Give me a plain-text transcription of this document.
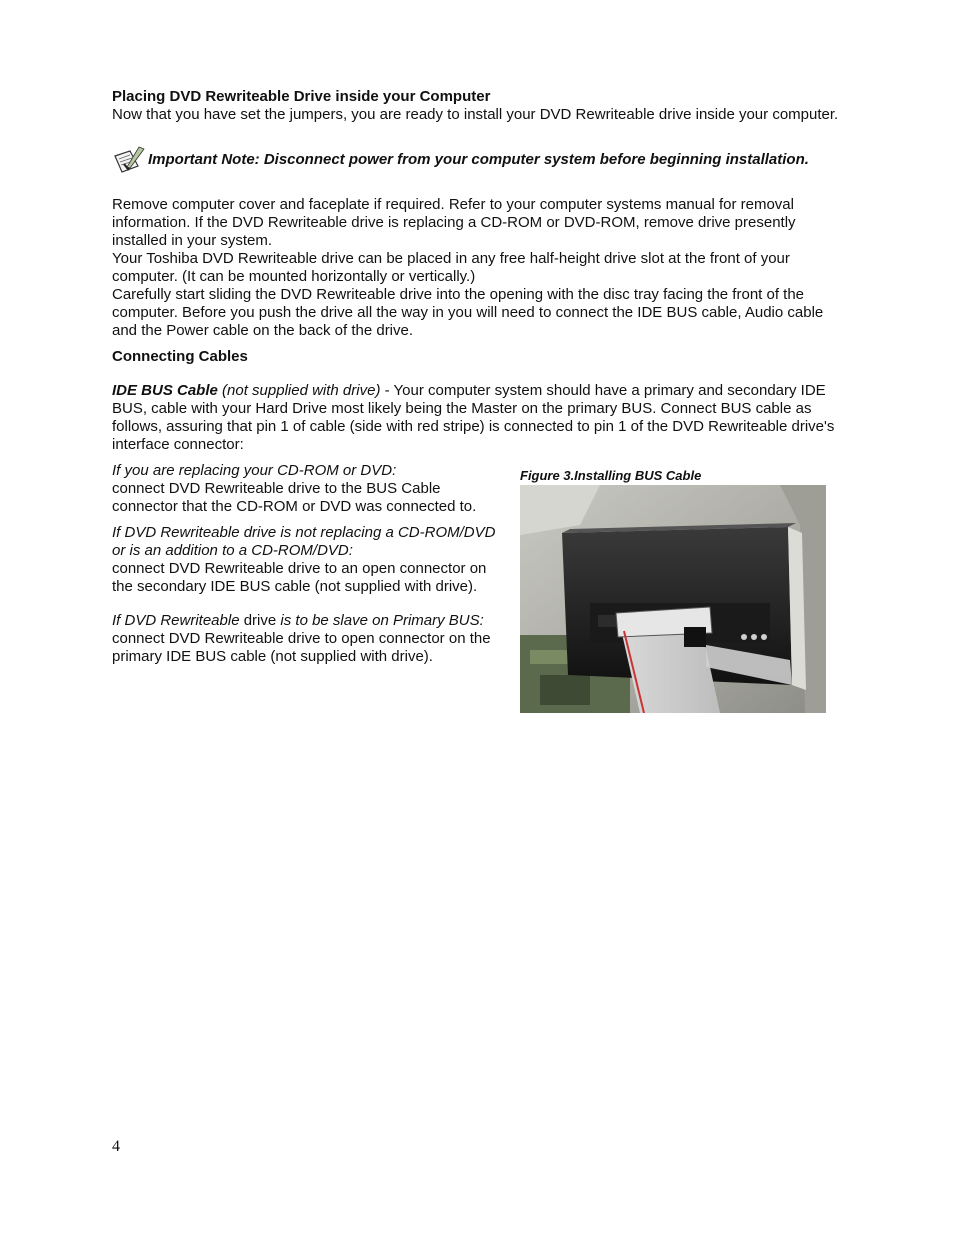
Placing DVD Rewriteable Drive inside your Computer

Now that you have set the jumpers, you are ready to install your DVD Rewriteable drive inside your computer.

Important Note: Disconnect power from your computer system before beginning installation.

Remove computer cover and faceplate if required. Refer to your computer systems manual for removal information. If the DVD Rewriteable drive is replacing a CD-ROM or DVD-ROM, remove drive presently installed in your system.

Your Toshiba DVD Rewriteable drive can be placed in any free half-height drive slot at the front of your computer. (It can be mounted horizontally or vertically.)

Carefully start sliding the DVD Rewriteable drive into the opening with the disc tray facing the front of the computer. Before you push the drive all the way in you will need to connect the IDE BUS cable, Audio cable and the Power cable on the back of the drive.

Connecting Cables

IDE BUS Cable (not supplied with drive) - Your computer system should have a primary and secondary IDE BUS, cable with your Hard Drive most likely being the Master on the primary BUS. Connect BUS cable as follows, assuring that pin 1 of cable (side with red stripe) is connected to pin 1 of the DVD Rewriteable drive's interface connector:

If you are replacing your CD-ROM or DVD:

connect DVD Rewriteable drive to the BUS Cable connector that the CD-ROM or DVD was connected to.

If DVD Rewriteable drive is not replacing a CD-ROM/DVD or is an addition to a CD-ROM/DVD:

connect DVD Rewriteable drive to an open connector on the secondary IDE BUS cable (not supplied with drive).

If DVD Rewriteable drive is to be slave on Primary BUS:

connect DVD Rewriteable drive to open connector on the primary IDE BUS cable (not supplied with drive).

Figure 3.Installing BUS Cable

4
